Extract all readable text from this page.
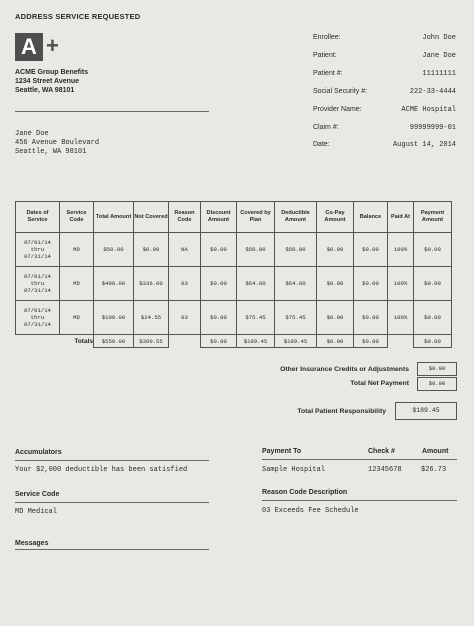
ADDRESS SERVICE REQUESTED
A +
ACME Group Benefits
1234 Street Avenue
Seattle, WA 98101
Jane Doe
456 Avenue Boulevard
Seattle, WA 98101
Enrollee:	John Doe
Patient:	Jane Doe
Patient #:	11111111
Social Security #:	222-33-4444
Provider Name:	ACME Hospital
Claim #:	99999999-01
Date:	August 14, 2014
Dates of Service	Service Code	Total Amount	Not Covered	Reason Code	Discount Amount	Covered by Plan	Deductible Amount	Co-Pay Amount	Balance	Paid At	Payment Amount
07/01/14 thru 07/31/14	MD	$50.00	$0.00	NA	$0.00	$50.00	$50.00	$0.00	$0.00	100%	$0.00
07/01/14 thru 07/31/14	MD	$400.00	$336.00	03	$0.00	$64.00	$64.00	$0.00	$0.00	100%	$0.00
07/01/14 thru 07/31/14	MD	$100.00	$24.55	03	$0.00	$75.45	$75.45	$0.00	$0.00	100%	$0.00
Totals		$550.00	$360.55		$0.00	$189.45	$189.45	$0.00	$0.00		$0.00
Other Insurance Credits or Adjustments	$0.00
Total Net Payment	$0.00
Total Patient Responsibility	$189.45
Accumulators
Your $2,000 deductible has been satisfied
Service Code
MD Medical
Messages
Payment To	Check #	Amount
Sample Hospital	12345678	$26.73
Reason Code Description
03 Exceeds Fee Schedule
